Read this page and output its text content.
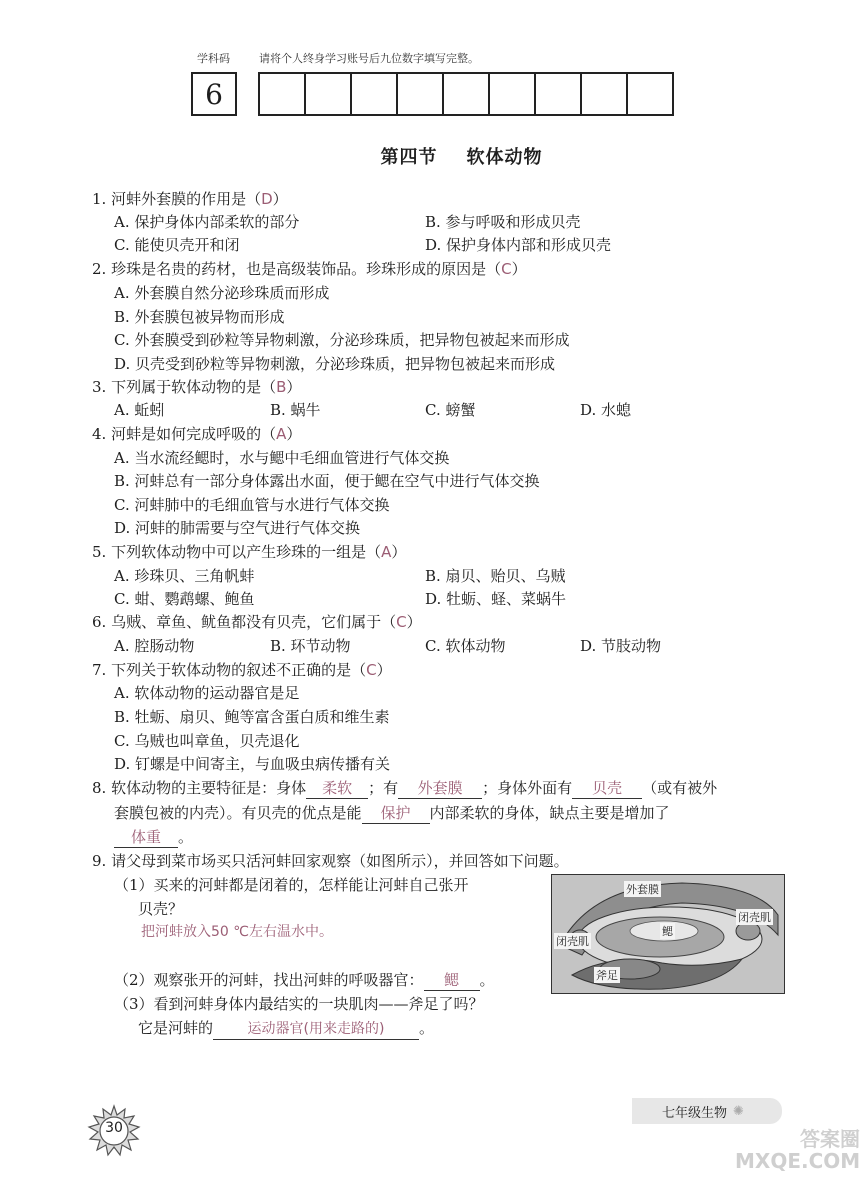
学科码	请将个人终身学习账号后九位数字填写完整。
6
第四节    软体动物
1. 河蚌外套膜的作用是（D）
A. 保护身体内部柔软的部分	B. 参与呼吸和形成贝壳
C. 能使贝壳开和闭	D. 保护身体内部和形成贝壳
2. 珍珠是名贵的药材，也是高级装饰品。珍珠形成的原因是（C）
A. 外套膜自然分泌珍珠质而形成
B. 外套膜包被异物而形成
C. 外套膜受到砂粒等异物刺激，分泌珍珠质，把异物包被起来而形成
D. 贝壳受到砂粒等异物刺激，分泌珍珠质，把异物包被起来而形成
3. 下列属于软体动物的是（B）
A. 蚯蚓	B. 蜗牛	C. 螃蟹	D. 水螅
4. 河蚌是如何完成呼吸的（A）
A. 当水流经鳃时，水与鳃中毛细血管进行气体交换
B. 河蚌总有一部分身体露出水面，便于鳃在空气中进行气体交换
C. 河蚌肺中的毛细血管与水进行气体交换
D. 河蚌的肺需要与空气进行气体交换
5. 下列软体动物中可以产生珍珠的一组是（A）
A. 珍珠贝、三角帆蚌	B. 扇贝、贻贝、乌贼
C. 蚶、鹦鹉螺、鲍鱼	D. 牡蛎、蛏、菜蜗牛
6. 乌贼、章鱼、鱿鱼都没有贝壳，它们属于（C）
A. 腔肠动物	B. 环节动物	C. 软体动物	D. 节肢动物
7. 下列关于软体动物的叙述不正确的是（C）
A. 软体动物的运动器官是足
B. 牡蛎、扇贝、鲍等富含蛋白质和维生素
C. 乌贼也叫章鱼，贝壳退化
D. 钉螺是中间寄主，与血吸虫病传播有关
8. 软体动物的主要特征是：身体 柔软 ；有 外套膜 ；身体外面有 贝壳 （或有被外
套膜包被的内壳）。有贝壳的优点是能 保护 内部柔软的身体，缺点主要是增加了
体重 。
9. 请父母到菜市场买只活河蚌回家观察（如图所示），并回答如下问题。
（1）买来的河蚌都是闭着的，怎样能让河蚌自己张开
贝壳？
把河蚌放入50 ℃左右温水中。
（2）观察张开的河蚌，找出河蚌的呼吸器官： 鳃 。
（3）看到河蚌身体内最结实的一块肌肉——斧足了吗？
它是河蚌的 运动器官(用来走路的) 。
外套膜
鳃
闭壳肌
闭壳肌
斧足
30
七年级生物 ✺
答案圈 MXQE.COM
